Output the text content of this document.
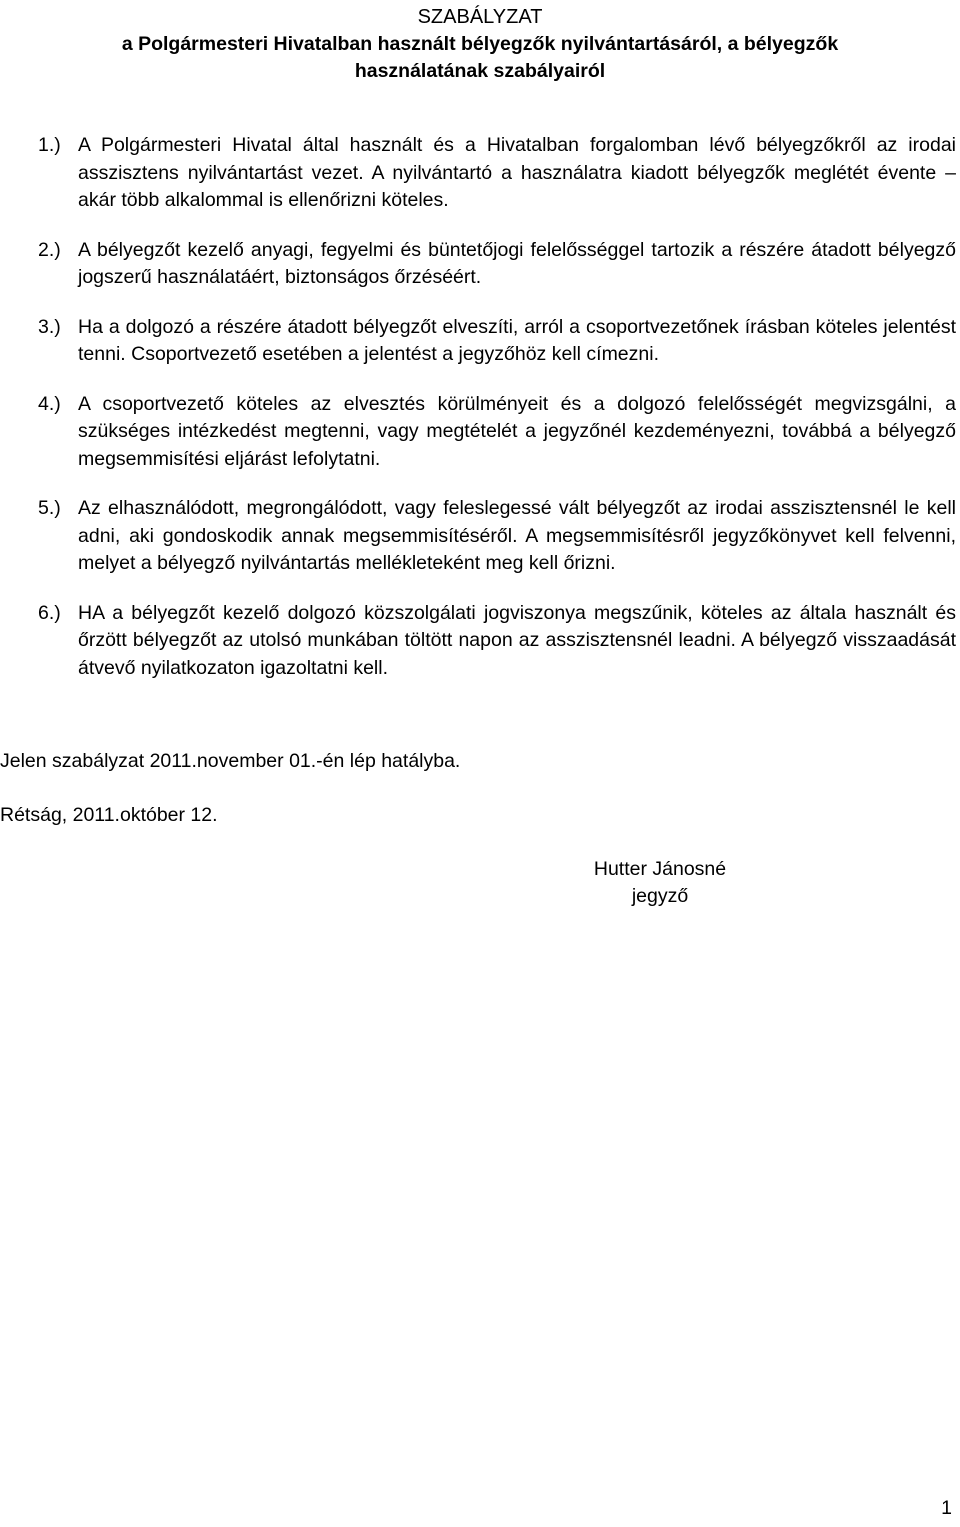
SZABÁLYZAT
a Polgármesteri Hivatalban használt bélyegzők nyilvántartásáról, a bélyegzők
használatának szabályairól
1.) A Polgármesteri Hivatal által használt és a Hivatalban forgalomban lévő bélyegzőkről az irodai asszisztens nyilvántartást vezet. A nyilvántartó a használatra kiadott bélyegzők meglétét évente – akár több alkalommal is ellenőrizni köteles.
2.) A bélyegzőt kezelő anyagi, fegyelmi és büntetőjogi felelősséggel tartozik a részére átadott bélyegző jogszerű használatáért, biztonságos őrzéséért.
3.) Ha a dolgozó a részére átadott bélyegzőt elveszíti, arról a csoportvezetőnek írásban köteles jelentést tenni. Csoportvezető esetében a jelentést a jegyzőhöz kell címezni.
4.) A csoportvezető köteles az elvesztés körülményeit és a dolgozó felelősségét megvizsgálni, a szükséges intézkedést megtenni, vagy megtételét a jegyzőnél kezdeményezni, továbbá a bélyegző megsemmisítési eljárást lefolytatni.
5.) Az elhasználódott, megrongálódott, vagy feleslegessé vált bélyegzőt az irodai asszisztensnél le kell adni, aki gondoskodik annak megsemmisítéséről. A megsemmisítésről jegyzőkönyvet kell felvenni, melyet a bélyegző nyilvántartás mellékleteként meg kell őrizni.
6.) HA a bélyegzőt kezelő dolgozó közszolgálati jogviszonya megszűnik, köteles az általa használt és őrzött bélyegzőt az utolsó munkában töltött napon az asszisztensnél leadni. A bélyegző visszaadását átvevő nyilatkozaton igazoltatni kell.
Jelen szabályzat 2011.november 01.-én lép hatályba.
Rétság, 2011.október 12.
Hutter Jánosné
jegyző
1
